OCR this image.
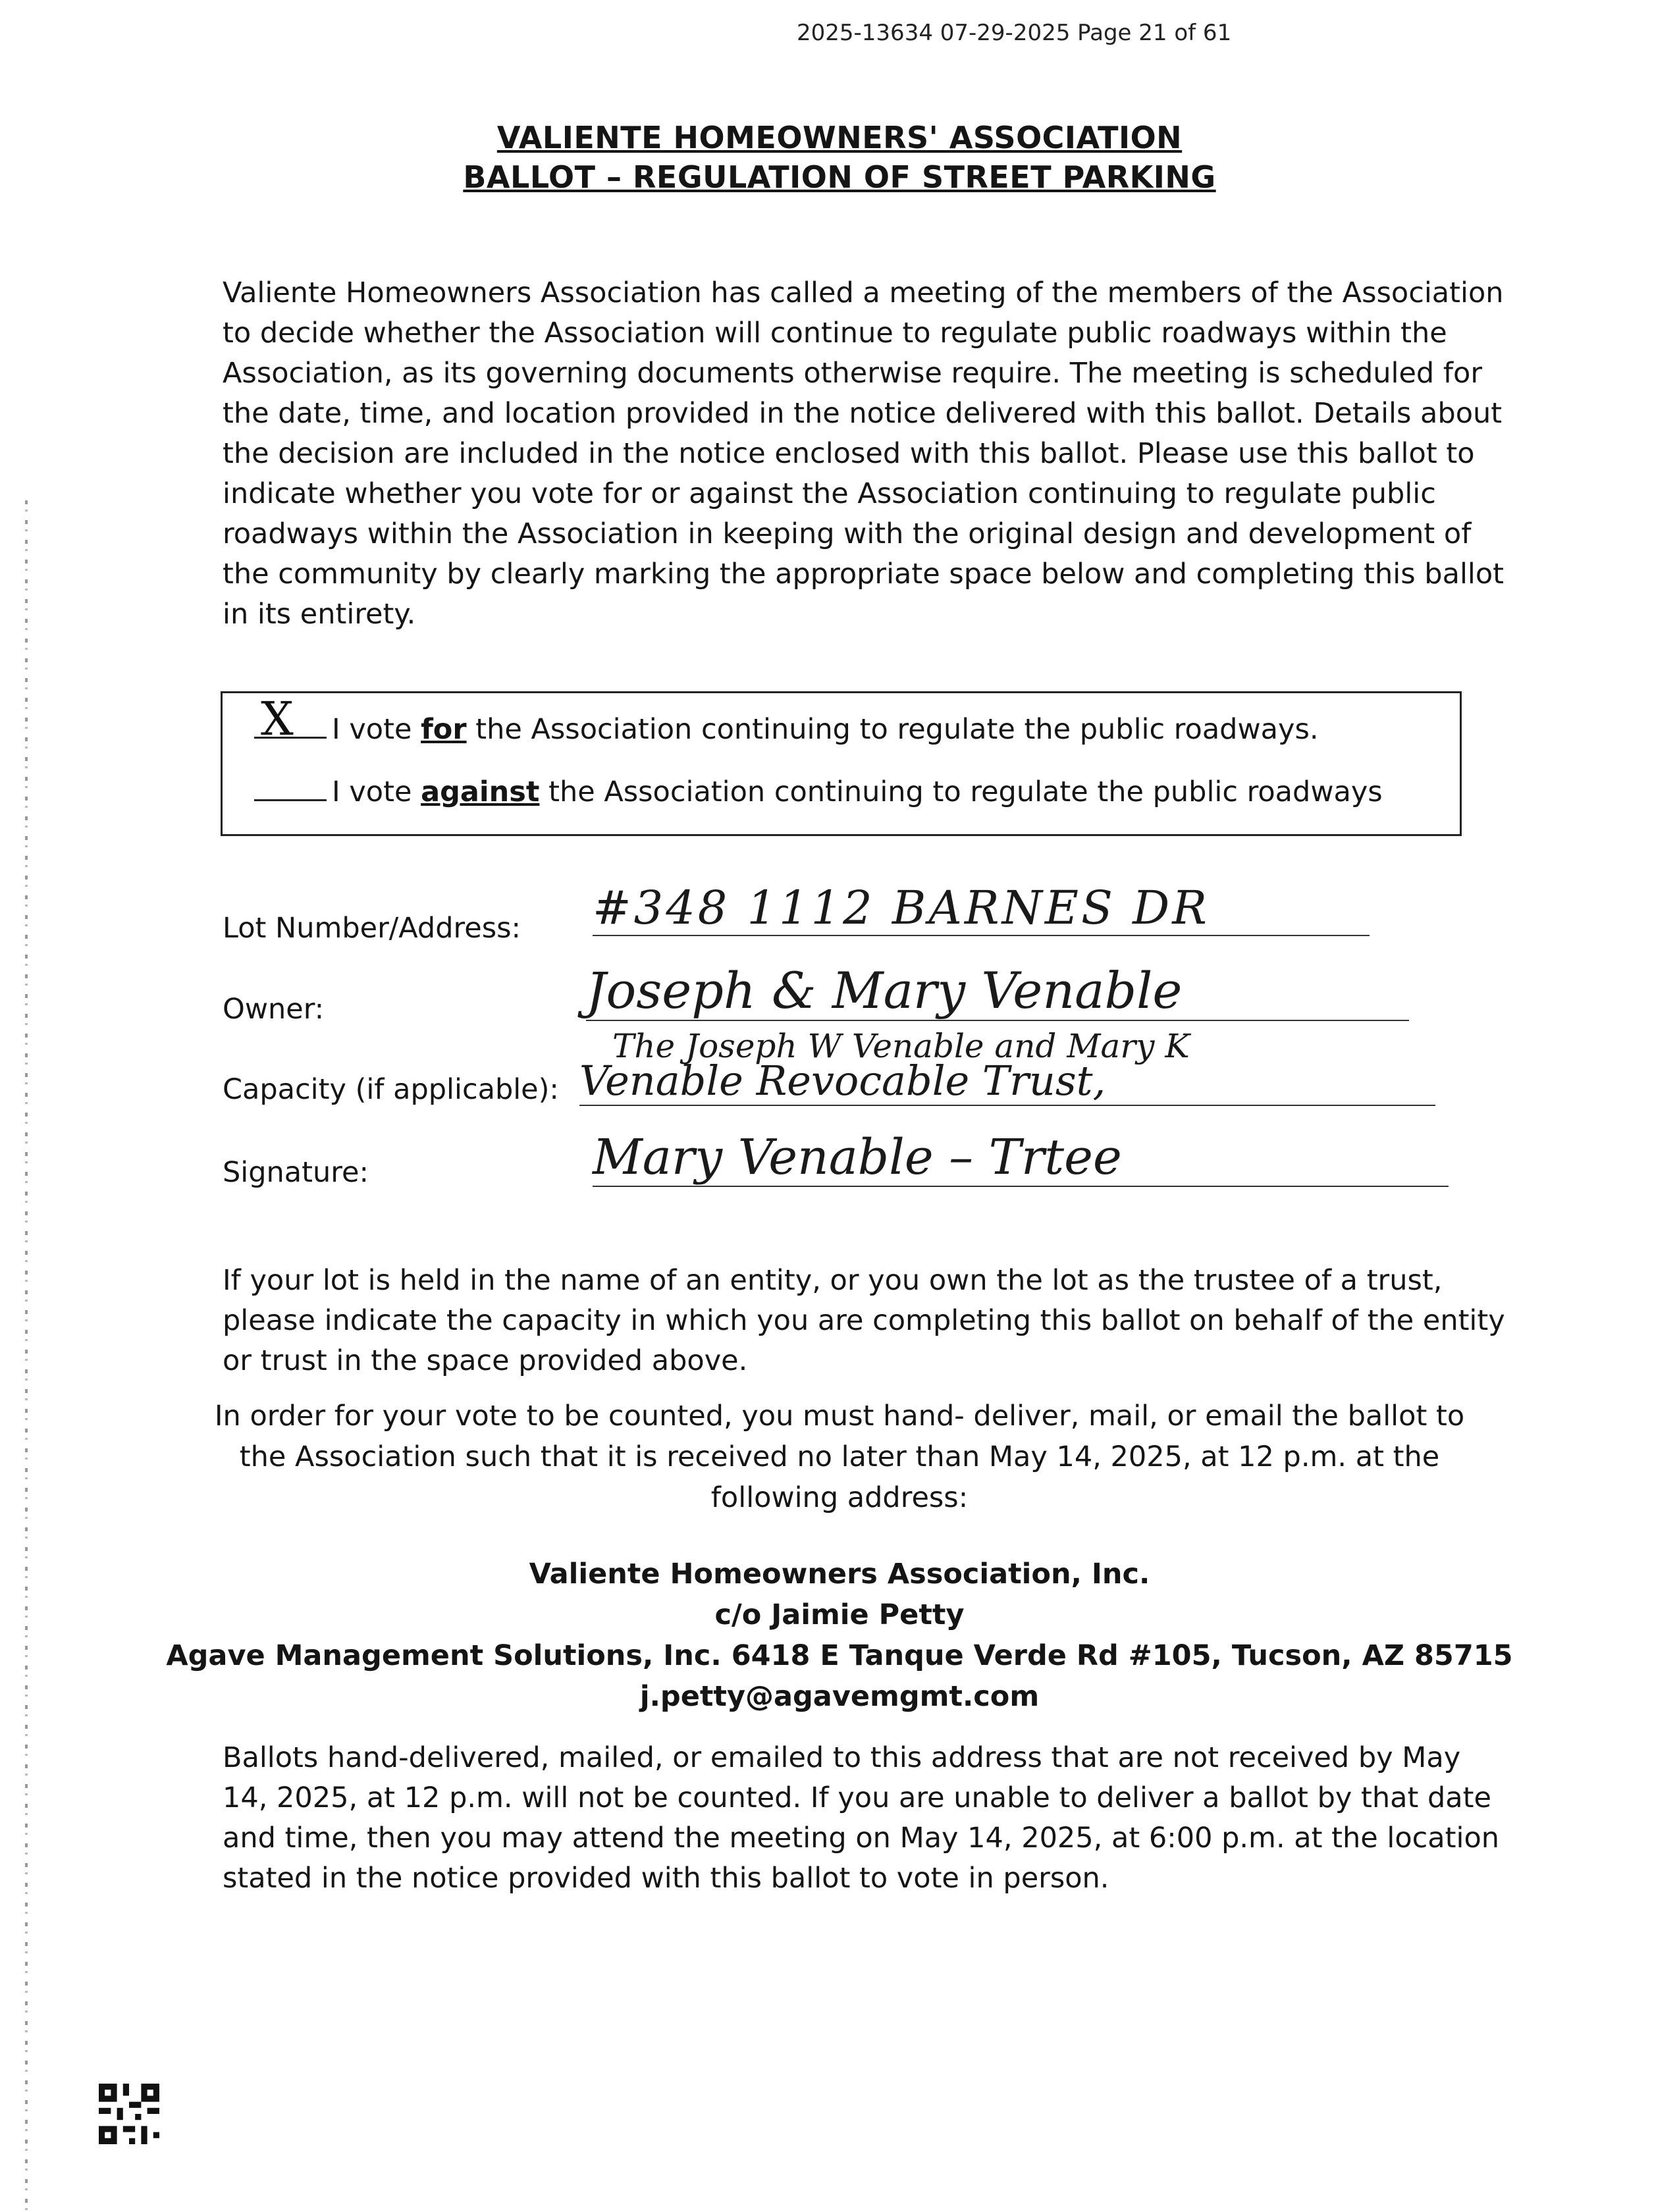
2025-13634 07-29-2025 Page 21 of 61
VALIENTE HOMEOWNERS' ASSOCIATION
BALLOT – REGULATION OF STREET PARKING

Valiente Homeowners Association has called a meeting of the members of the Association to decide whether the Association will continue to regulate public roadways within the Association, as its governing documents otherwise require. The meeting is scheduled for the date, time, and location provided in the notice delivered with this ballot. Details about the decision are included in the notice enclosed with this ballot. Please use this ballot to indicate whether you vote for or against the Association continuing to regulate public roadways within the Association in keeping with the original design and development of the community by clearly marking the appropriate space below and completing this ballot in its entirety.

X I vote for the Association continuing to regulate the public roadways.
I vote against the Association continuing to regulate the public roadways
Lot Number/Address: #348 1112 BARNES DR
Owner:	Joseph & Mary Venable
The Joseph W Venable and Mary K
Capacity (if applicable): Venable Revocable Trust,
Signature:	Mary Venable – Trtee

If your lot is held in the name of an entity, or you own the lot as the trustee of a trust, please indicate the capacity in which you are completing this ballot on behalf of the entity or trust in the space provided above.

In order for your vote to be counted, you must hand- deliver, mail, or email the ballot to
the Association such that it is received no later than May 14, 2025, at 12 p.m. at the
following address:
Valiente Homeowners Association, Inc.
c/o Jaimie Petty
Agave Management Solutions, Inc. 6418 E Tanque Verde Rd #105, Tucson, AZ 85715
j.petty@agavemgmt.com

Ballots hand-delivered, mailed, or emailed to this address that are not received by May 14, 2025, at 12 p.m. will not be counted. If you are unable to deliver a ballot by that date and time, then you may attend the meeting on May 14, 2025, at 6:00 p.m. at the location stated in the notice provided with this ballot to vote in person.
